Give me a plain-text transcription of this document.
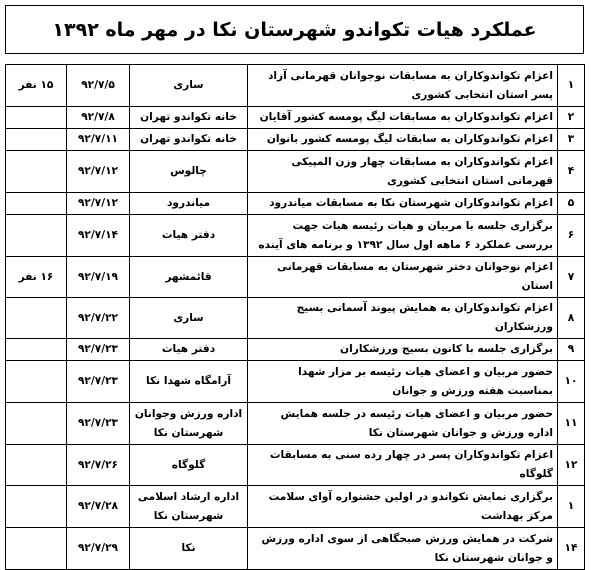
عملکرد هیات تکواندو شهرستان نکا در مهر ماه ۱۳۹۲
۱	اعزام تکواندوکاران به مسابقات نوجوانان قهرمانی آزاد پسر استان انتخابی کشوری	ساری	۹۲/۷/۵	۱۵ نفر
۲	اعزام تکواندوکاران به مسابقات لیگ پومسه کشور آقایان	خانه تکواندو تهران	۹۲/۷/۸	
۳	اعزام تکواندوکاران به سابقات لیگ پومسه کشور بانوان	خانه تکواندو تهران	۹۲/۷/۱۱	
۴	اعزام تکواندوکاران به مسابقات چهار وزن المپیکی قهرمانی استان انتخابی کشوری	چالوس	۹۲/۷/۱۲	
۵	اعزام تکواندوکاران شهرستان نکا به مسابقات میاندرود	میاندرود	۹۲/۷/۱۲	
۶	برگزاری جلسه با مربیان و هیات رئیسه هیات جهت بررسی عملکرد ۶ ماهه اول سال ۱۳۹۲ و برنامه های آینده	دفتر هیات	۹۲/۷/۱۴	
۷	اعزام نوجوانان دختر شهرستان به مسابقات قهرمانی استان	قائمشهر	۹۲/۷/۱۹	۱۶ نفر
۸	اعزام تکواندوکاران به همایش پیوند آسمانی بسیج ورزشکاران	ساری	۹۲/۷/۲۲	
۹	برگزاری جلسه با کانون بسیج ورزشکاران	دفتر هیات	۹۲/۷/۲۳	
۱۰	حضور مربیان و اعضای هیات رئیسه بر مزار شهدا بمناسبت هفته ورزش و جوانان	آرامگاه شهدا نکا	۹۲/۷/۲۳	
۱۱	حضور مربیان و اعضای هیات رئیسه در جلسه همایش اداره ورزش و جوانان شهرستان نکا	اداره ورزش وجوانان شهرستان نکا	۹۲/۷/۲۳	
۱۲	اعزام تکواندوکاران پسر در چهار رده سنی به مسابقات گلوگاه	گلوگاه	۹۲/۷/۲۶	
۱	برگزاری نمایش تکواندو در اولین جشنواره آوای سلامت مرکز بهداشت	اداره ارشاد اسلامی شهرستان نکا	۹۲/۷/۲۸	
۱۴	شرکت در همایش ورزش صبحگاهی از سوی اداره ورزش و جوانان شهرستان نکا	نکا	۹۲/۷/۲۹	
